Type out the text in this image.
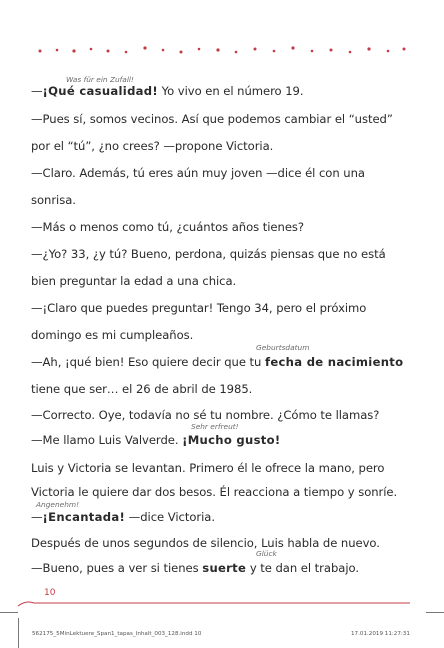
Was für ein Zufall!

Geburtsdatum

Sehr erfreut!

Angenehm!

Glück

—¡Qué casualidad! Yo vivo en el número 19.

—Pues sí, somos vecinos. Así que podemos cambiar el “usted”

por el “tú”, ¿no crees? —propone Victoria.

—Claro. Además, tú eres aún muy joven —dice él con una

sonrisa.

—Más o menos como tú, ¿cuántos años tienes?

—¿Yo? 33, ¿y tú? Bueno, perdona, quizás piensas que no está

bien preguntar la edad a una chica.

—¡Claro que puedes preguntar! Tengo 34, pero el próximo

domingo es mi cumpleaños.

—Ah, ¡qué bien! Eso quiere decir que tu fecha de nacimiento

tiene que ser… el 26 de abril de 1985.

—Correcto. Oye, todavía no sé tu nombre. ¿Cómo te llamas?

—Me llamo Luis Valverde. ¡Mucho gusto!

Luis y Victoria se levantan. Primero él le ofrece la mano, pero

Victoria le quiere dar dos besos. Él reacciona a tiempo y sonríe.

—¡Encantada! —dice Victoria.

Después de unos segundos de silencio, Luis habla de nuevo.

—Bueno, pues a ver si tienes suerte y te dan el trabajo.

10

562175_5MinLektuere_Span1_tapas_Inhalt_003_128.indd 10	17.01.2019 11:27:31
